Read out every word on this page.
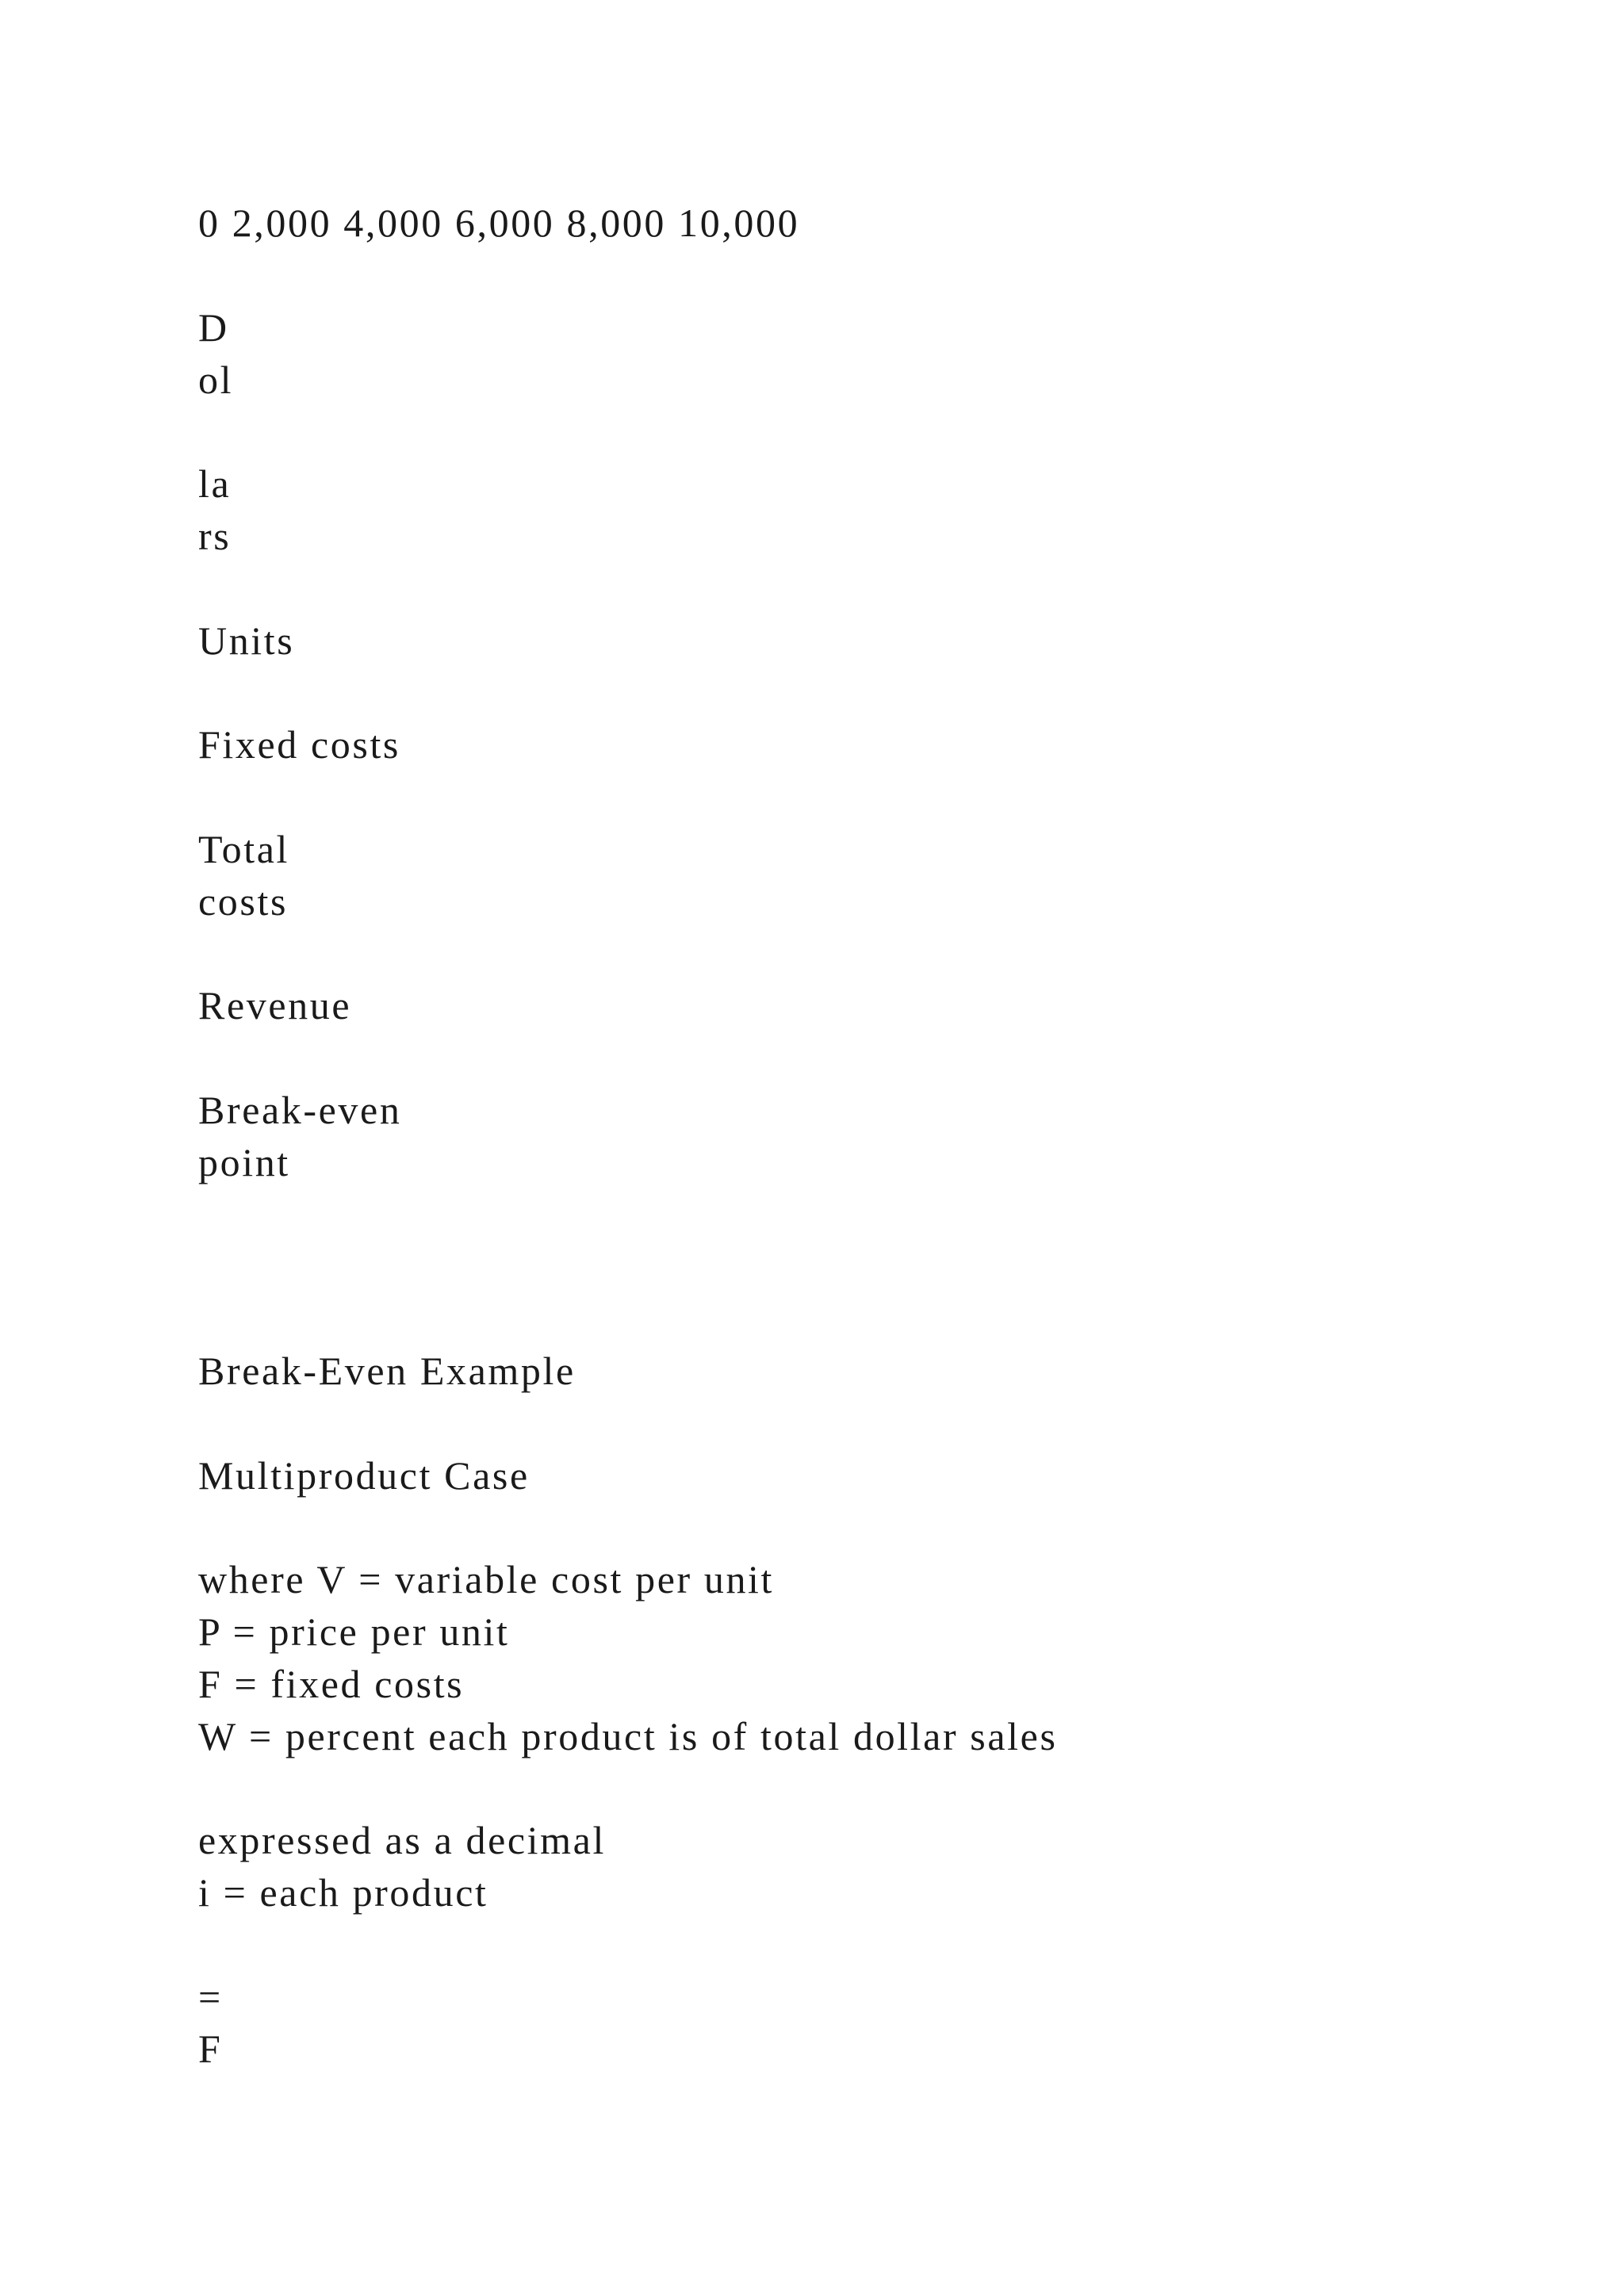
0 2,000 4,000 6,000 8,000 10,000
D
ol
la
rs
Units
Fixed costs
Total
costs
Revenue
Break-even
point
Break-Even Example
Multiproduct Case
where V = variable cost per unit
P = price per unit
F = fixed costs
W = percent each product is of total dollar sales
expressed as a decimal
i = each product
=
F
